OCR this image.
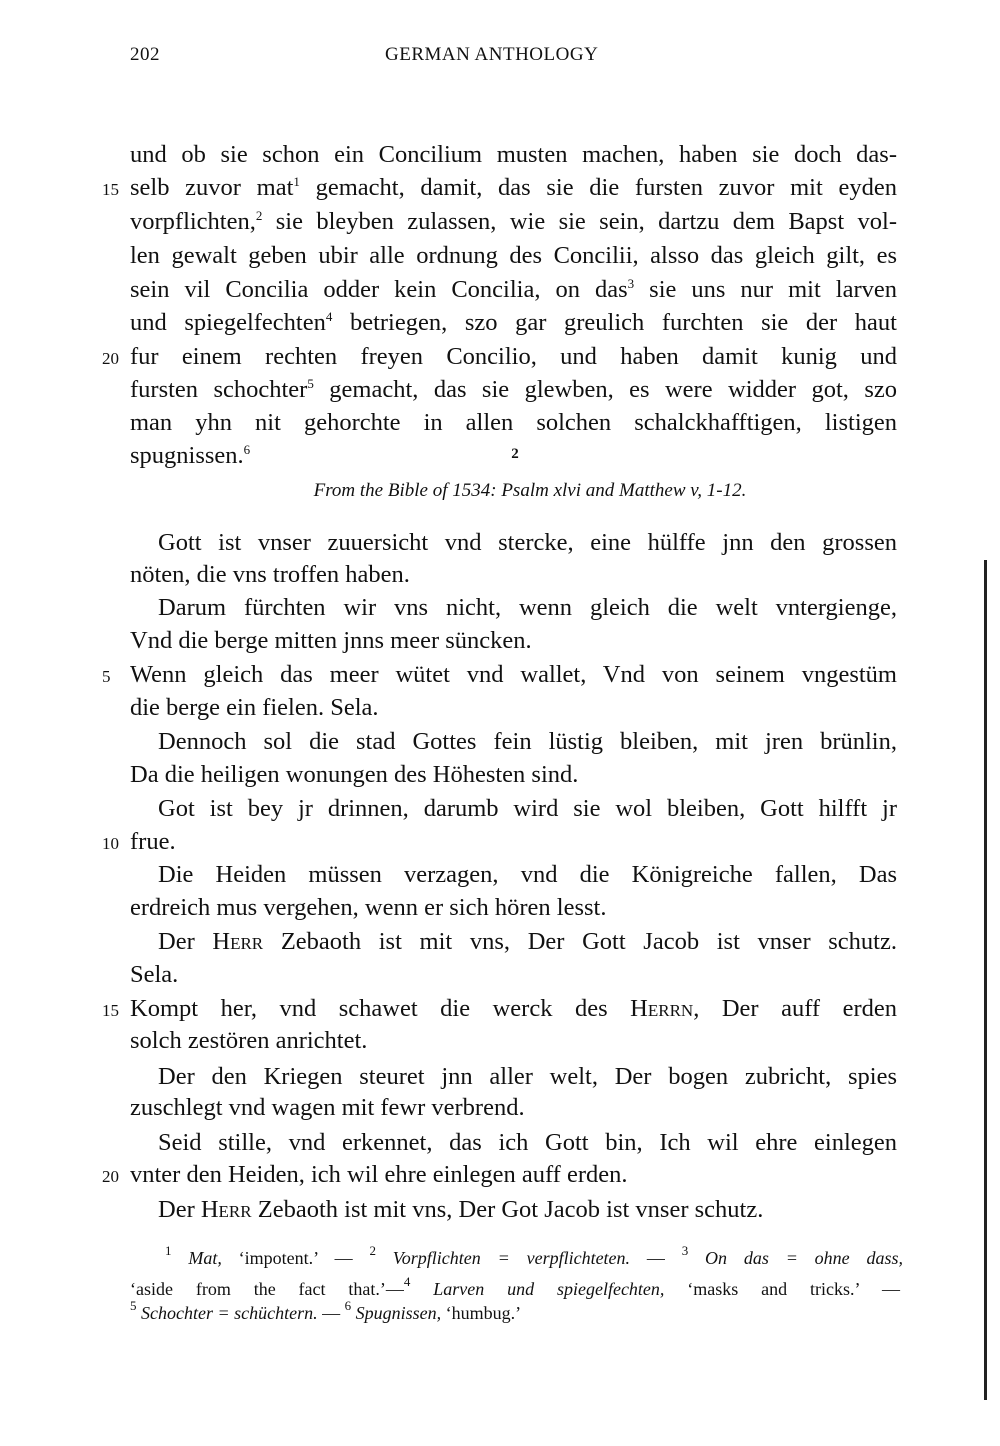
202	GERMAN ANTHOLOGY
und ob sie schon ein Concilium musten machen, haben sie doch das-
selb zuvor mat$^1$ gemacht, damit, das sie die fursten zuvor mit eyden
15
vorpflichten,$^2$ sie bleyben zulassen, wie sie sein, dartzu dem Bapst vol-
len gewalt geben ubir alle ordnung des Concilii, alsso das gleich gilt, es
sein vil Concilia odder kein Concilia, on das$^3$ sie uns nur mit larven
und spiegelfechten$^4$ betriegen, szo gar greulich furchten sie der haut
fur einem rechten freyen Concilio, und haben damit kunig und
20
fursten schochter$^5$ gemacht, das sie glewben, es were widder got, szo
man yhn nit gehorchte in allen solchen schalckhafftigen, listigen
spugnissen.$^6$	2
From the Bible of 1534: Psalm xlvi and Matthew v, 1-12.
Gott ist vnser zuuersicht vnd stercke, eine hülffe jnn den grossen
nöten, die vns troffen haben.
Darum fürchten wir vns nicht, wenn gleich die welt vntergienge,
Vnd die berge mitten jnns meer süncken.
Wenn gleich das meer wütet vnd wallet, Vnd von seinem vngestüm
5
die berge ein fielen. Sela.
Dennoch sol die stad Gottes fein lüstig bleiben, mit jren brünlin,
Da die heiligen wonungen des Höhesten sind.
Got ist bey jr drinnen, darumb wird sie wol bleiben, Gott hilfft jr
frue.
10
Die Heiden müssen verzagen, vnd die Königreiche fallen, Das
erdreich mus vergehen, wenn er sich hören lesst.
Der Herr Zebaoth ist mit vns, Der Gott Jacob ist vnser schutz.
Sela.
Kompt her, vnd schawet die werck des Herrn, Der auff erden
15
solch zestören anrichtet.
Der den Kriegen steuret jnn aller welt, Der bogen zubricht, spies
zuschlegt vnd wagen mit fewr verbrend.
Seid stille, vnd erkennet, das ich Gott bin, Ich wil ehre einlegen
vnter den Heiden, ich wil ehre einlegen auff erden.
20
Der Herr Zebaoth ist mit vns, Der Got Jacob ist vnser schutz.
$^1$ Mat, ‘impotent.’ — $^2$ Vorpflichten = verpflichteten. — $^3$ On das = ohne dass,
‘aside from the fact that.’—$^4$ Larven und spiegelfechten, ‘masks and tricks.’ —
$^5$ Schochter = schüchtern. — $^6$ Spugnissen, ‘humbug.’
